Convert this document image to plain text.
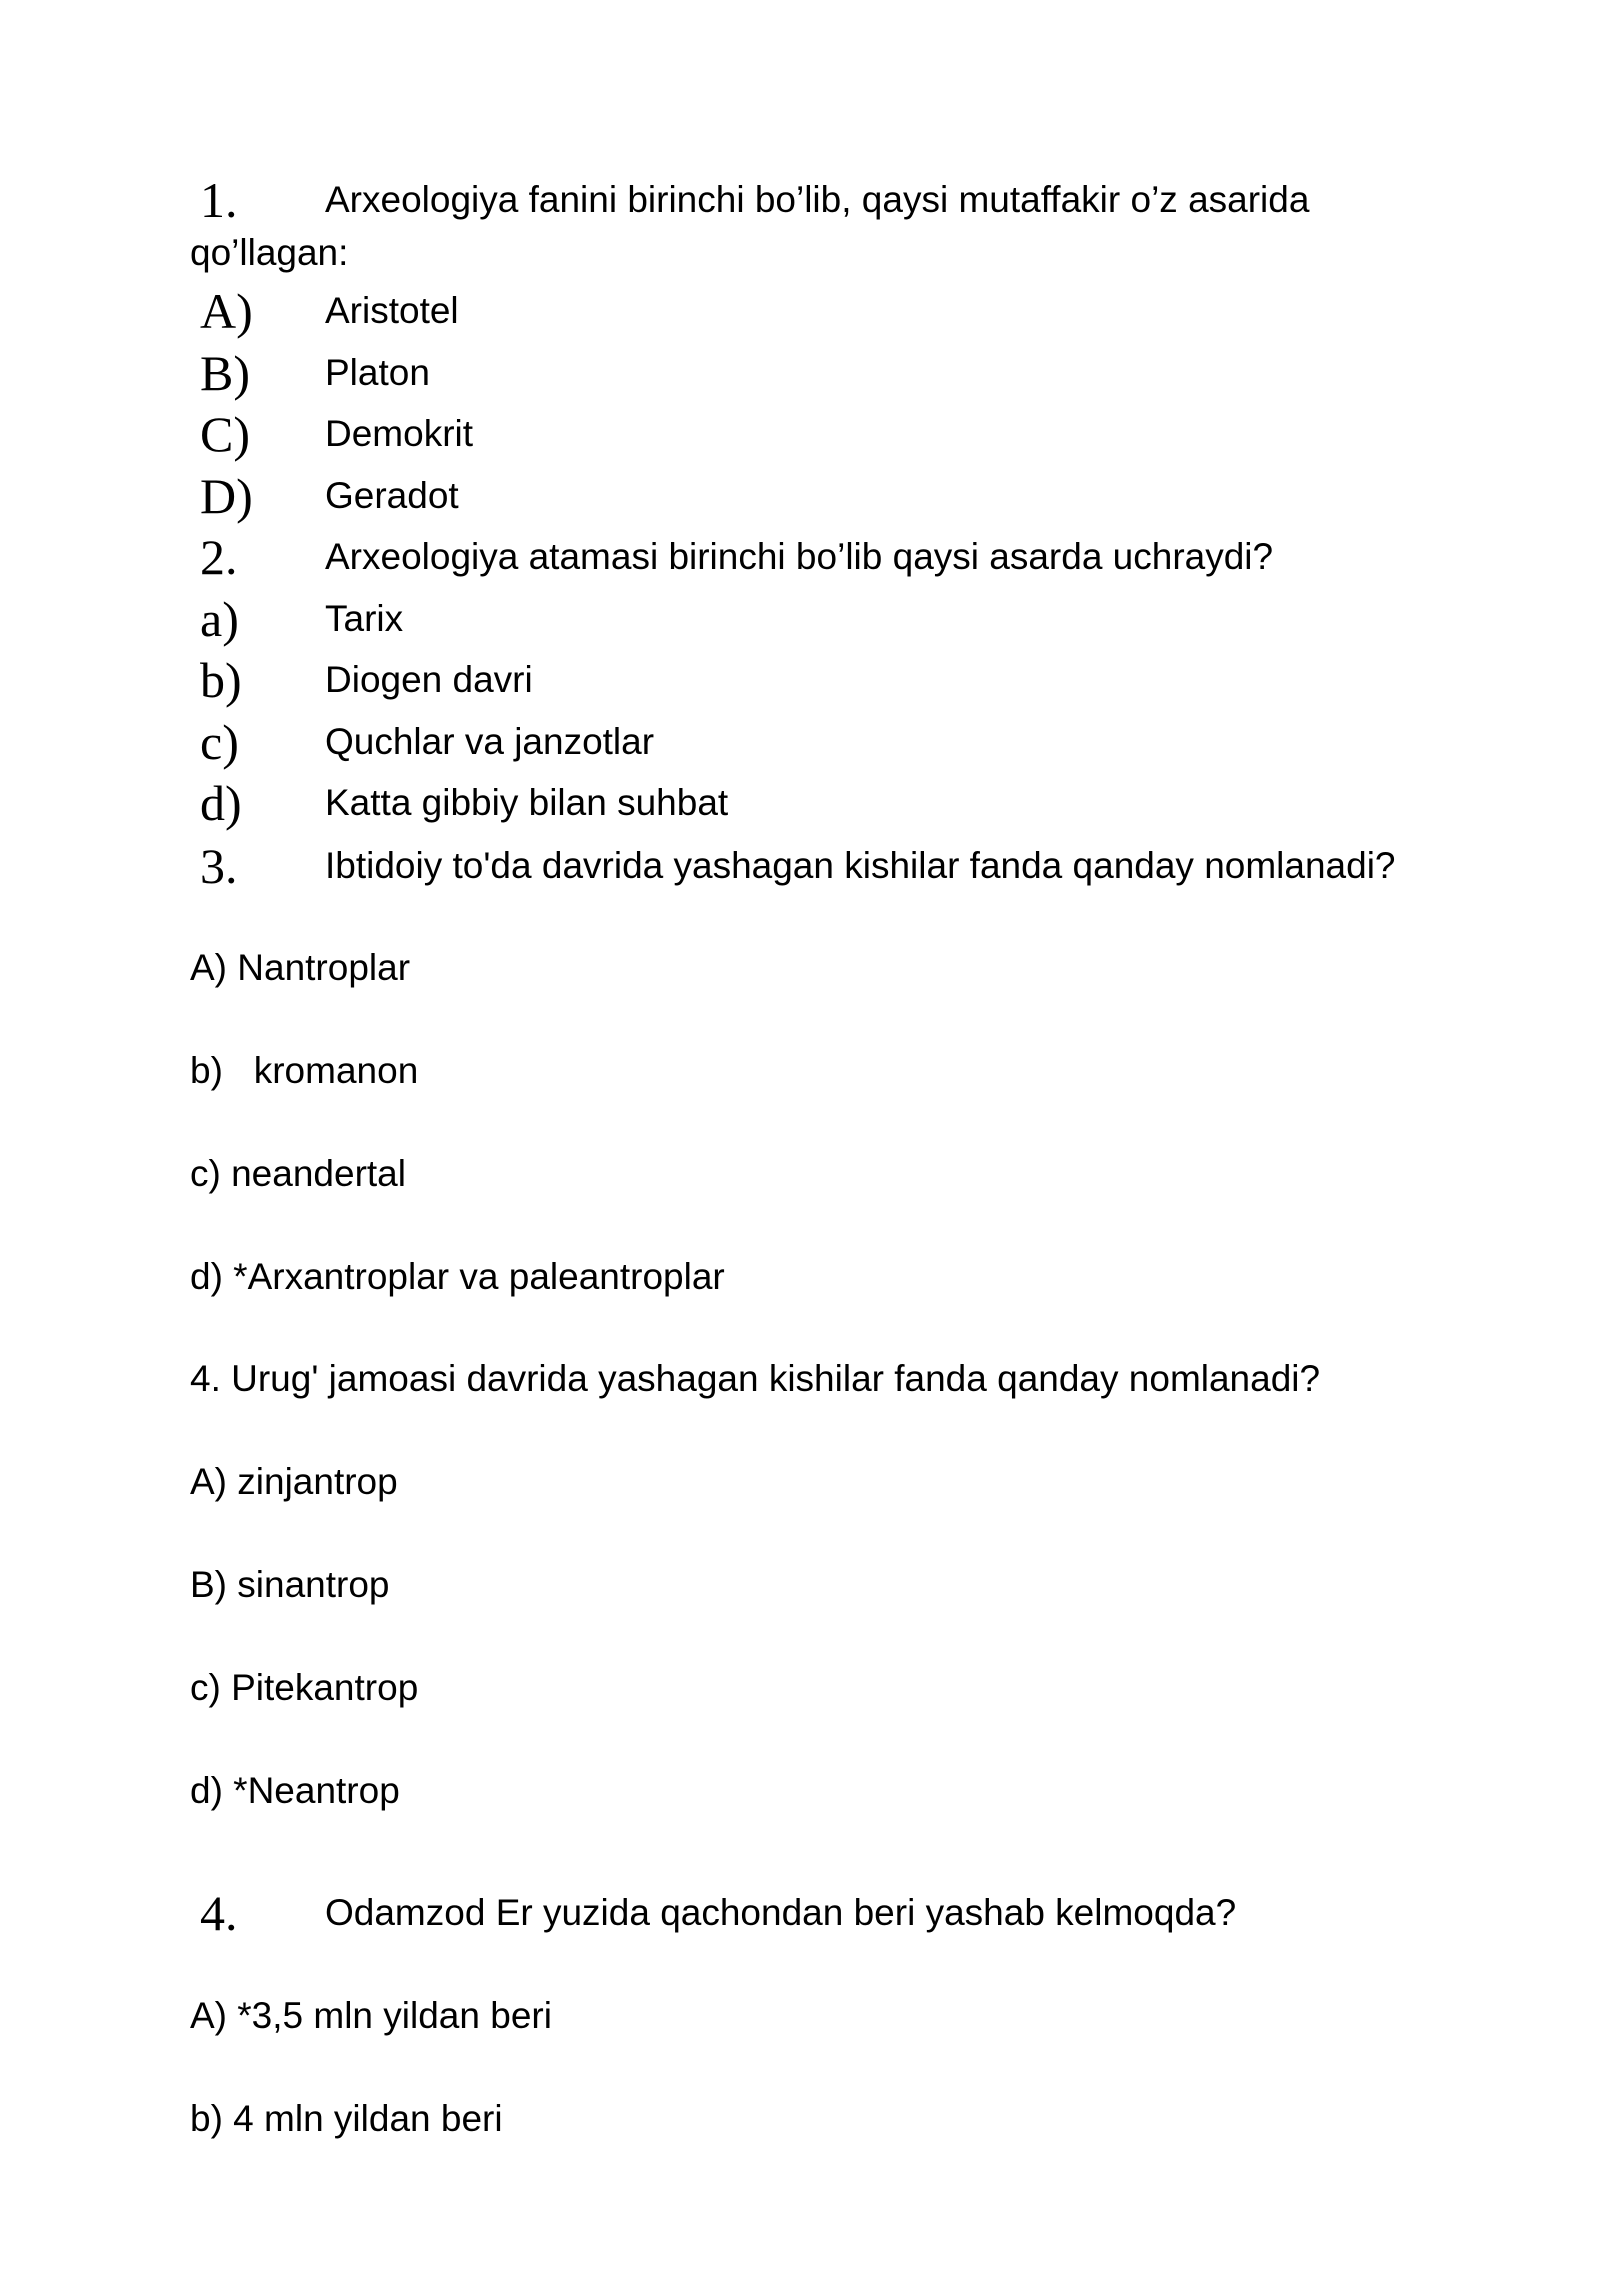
1. Arxeologiya fanini birinchi bo’lib, qaysi mutaffakir o’z asarida
qo’llagan:
A) Aristotel
B) Platon
C) Demokrit
D) Geradot
2. Arxeologiya atamasi birinchi bo’lib qaysi asarda uchraydi?
a) Tarix
b) Diogen davri
c) Quchlar va janzotlar
d) Katta gibbiy bilan suhbat
3. Ibtidoiy to'da davrida yashagan kishilar fanda qanday nomlanadi?
A) Nantroplar
b)   kromanon
c) neandertal
d) *Arxantroplar va paleantroplar
4. Urug' jamoasi davrida yashagan kishilar fanda qanday nomlanadi?
A) zinjantrop
B) sinantrop
c) Pitekantrop
d) *Neantrop
4. Odamzod Er yuzida qachondan beri yashab kelmoqda?
A) *3,5 mln yildan beri
b) 4 mln yildan beri
